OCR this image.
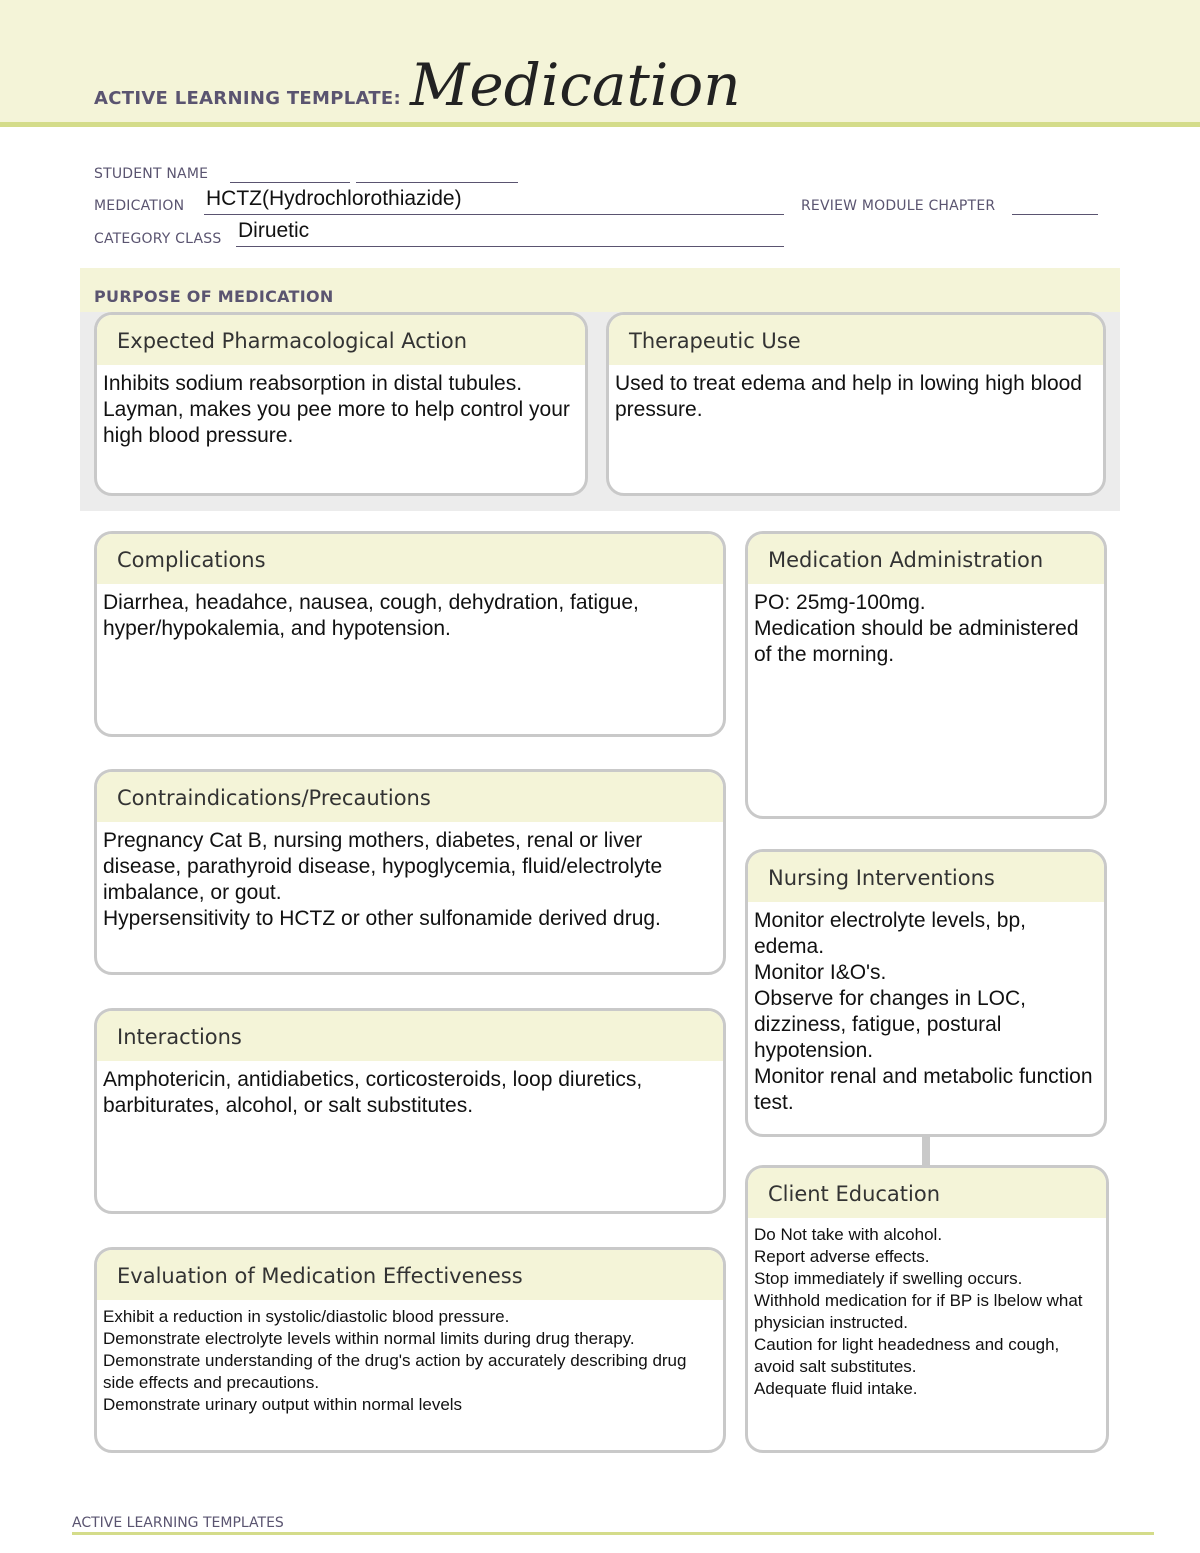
ACTIVE LEARNING TEMPLATE: Medication
STUDENT NAME
MEDICATION HCTZ(Hydrochlorothiazide)	REVIEW MODULE CHAPTER
CATEGORY CLASS Diruetic
PURPOSE OF MEDICATION
Expected Pharmacological Action
Inhibits sodium reabsorption in distal tubules.
Layman, makes you pee more to help control your high blood pressure.
Therapeutic Use
Used to treat edema and help in lowing high blood pressure.
Complications
Diarrhea, headahce, nausea, cough, dehydration, fatigue, hyper/hypokalemia, and hypotension.
Contraindications/Precautions
Pregnancy Cat B, nursing mothers, diabetes, renal or liver disease, parathyroid disease, hypoglycemia, fluid/electrolyte imbalance, or gout.
Hypersensitivity to HCTZ or other sulfonamide derived drug.
Interactions
Amphotericin, antidiabetics, corticosteroids, loop diuretics, barbiturates, alcohol, or salt substitutes.
Evaluation of Medication Effectiveness
Exhibit a reduction in systolic/diastolic blood pressure.
Demonstrate electrolyte levels within normal limits during drug therapy.
Demonstrate understanding of the drug's action by accurately describing drug side effects and precautions.
Demonstrate urinary output within normal levels
Medication Administration
PO: 25mg-100mg.
Medication should be administered of the morning.
Nursing Interventions
Monitor electrolyte levels, bp, edema.
Monitor I&O's.
Observe for changes in LOC, dizziness, fatigue, postural hypotension.
Monitor renal and metabolic function test.
Client Education
Do Not take with alcohol.
Report adverse effects.
Stop immediately if swelling occurs.
Withhold medication for if BP is lbelow what physician instructed.
Caution for light headedness and cough, avoid salt substitutes.
Adequate fluid intake.
ACTIVE LEARNING TEMPLATES
